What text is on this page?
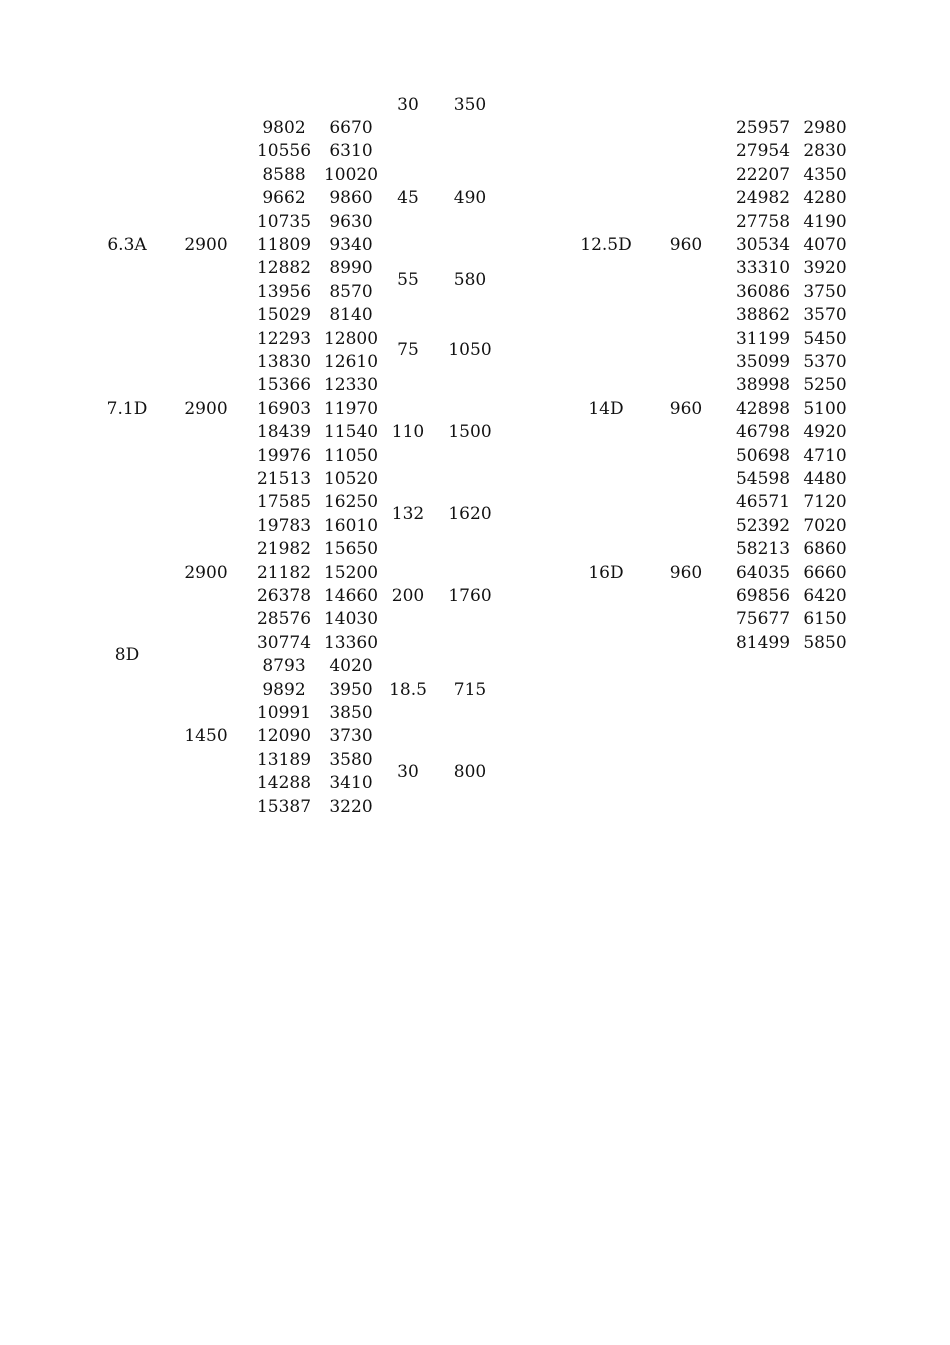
9802 6670
10556 6310
8588 10020
9662 9860
10735 9630
11809 9340
12882 8990
13956 8570
15029 8140
12293 12800
13830 12610
15366 12330
16903 11970
18439 11540
19976 11050
21513 10520
17585 16250
19783 16010
21982 15650
21182 15200
26378 14660
28576 14030
30774 13360
8793 4020
9892 3950
10991 3850
12090 3730
13189 3580
14288 3410
15387 3220
30 350
45 490
55 580
75 1050
110 1500
132 1620
200 1760
18.5 715
30 800
6.3A 2900
7.1D 2900
8D
2900
1450
25957 2980
27954 2830
22207 4350
24982 4280
27758 4190
30534 4070
33310 3920
36086 3750
38862 3570
31199 5450
35099 5370
38998 5250
42898 5100
46798 4920
50698 4710
54598 4480
46571 7120
52392 7020
58213 6860
64035 6660
69856 6420
75677 6150
81499 5850
12.5D 960
14D	960
16D	960
